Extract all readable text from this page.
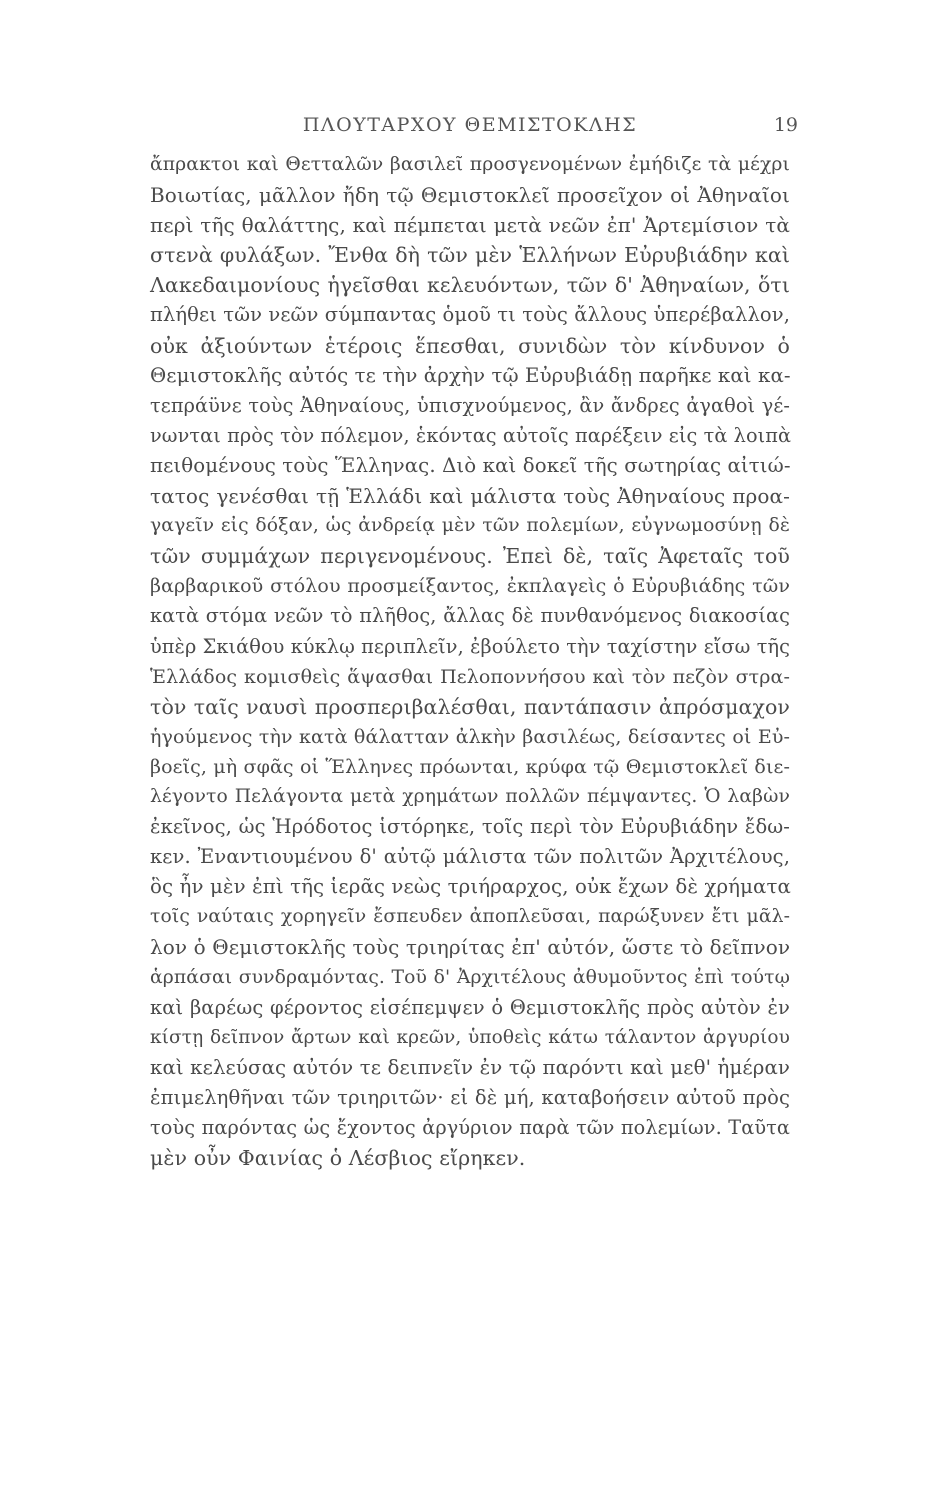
ΠΛΟΥΤΑΡΧΟΥ ΘΕΜΙΣΤΟΚΛΗΣ	19
ἄπρακτοι καὶ Θετταλῶν βασιλεῖ προσγενομένων ἐμήδιζε τὰ μέχρι
Βοιωτίας, μᾶλλον ἤδη τῷ Θεμιστοκλεῖ προσεῖχον οἱ Ἀθηναῖοι
περὶ τῆς θαλάττης, καὶ πέμπεται μετὰ νεῶν ἐπ' Ἀρτεμίσιον τὰ
στενὰ φυλάξων. Ἔνθα δὴ τῶν μὲν Ἑλλήνων Εὐρυβιάδην καὶ
Λακεδαιμονίους ἡγεῖσθαι κελευόντων, τῶν δ' Ἀθηναίων, ὅτι
πλήθει τῶν νεῶν σύμπαντας ὁμοῦ τι τοὺς ἄλλους ὑπερέβαλλον,
οὐκ ἀξιούντων ἑτέροις ἕπεσθαι, συνιδὼν τὸν κίνδυνον ὁ
Θεμιστοκλῆς αὐτός τε τὴν ἀρχὴν τῷ Εὐρυβιάδῃ παρῆκε καὶ κα-
τεπράϋνε τοὺς Ἀθηναίους, ὑπισχνούμενος, ἂν ἄνδρες ἀγαθοὶ γέ-
νωνται πρὸς τὸν πόλεμον, ἑκόντας αὐτοῖς παρέξειν εἰς τὰ λοιπὰ
πειθομένους τοὺς Ἕλληνας. Διὸ καὶ δοκεῖ τῆς σωτηρίας αἰτιώ-
τατος γενέσθαι τῇ Ἑλλάδι καὶ μάλιστα τοὺς Ἀθηναίους προα-
γαγεῖν εἰς δόξαν, ὡς ἀνδρείᾳ μὲν τῶν πολεμίων, εὐγνωμοσύνῃ δὲ
τῶν συμμάχων περιγενομένους. Ἐπεὶ δὲ, ταῖς Ἀφεταῖς τοῦ
βαρβαρικοῦ στόλου προσμείξαντος, ἐκπλαγεὶς ὁ Εὐρυβιάδης τῶν
κατὰ στόμα νεῶν τὸ πλῆθος, ἄλλας δὲ πυνθανόμενος διακοσίας
ὑπὲρ Σκιάθου κύκλῳ περιπλεῖν, ἐβούλετο τὴν ταχίστην εἴσω τῆς
Ἑλλάδος κομισθεὶς ἅψασθαι Πελοποννήσου καὶ τὸν πεζὸν στρα-
τὸν ταῖς ναυσὶ προσπεριβαλέσθαι, παντάπασιν ἀπρόσμαχον
ἡγούμενος τὴν κατὰ θάλατταν ἀλκὴν βασιλέως, δείσαντες οἱ Εὐ-
βοεῖς, μὴ σφᾶς οἱ Ἕλληνες πρόωνται, κρύφα τῷ Θεμιστοκλεῖ διε-
λέγοντο Πελάγοντα μετὰ χρημάτων πολλῶν πέμψαντες. Ὁ λαβὼν
ἐκεῖνος, ὡς Ἡρόδοτος ἱστόρηκε, τοῖς περὶ τὸν Εὐρυβιάδην ἔδω-
κεν. Ἐναντιουμένου δ' αὐτῷ μάλιστα τῶν πολιτῶν Ἀρχιτέλους,
ὃς ἦν μὲν ἐπὶ τῆς ἱερᾶς νεὼς τριήραρχος, οὐκ ἔχων δὲ χρήματα
τοῖς ναύταις χορηγεῖν ἔσπευδεν ἀποπλεῦσαι, παρώξυνεν ἔτι μᾶλ-
λον ὁ Θεμιστοκλῆς τοὺς τριηρίτας ἐπ' αὐτόν, ὥστε τὸ δεῖπνον
ἁρπάσαι συνδραμόντας. Τοῦ δ' Ἀρχιτέλους ἀθυμοῦντος ἐπὶ τούτῳ
καὶ βαρέως φέροντος εἰσέπεμψεν ὁ Θεμιστοκλῆς πρὸς αὐτὸν ἐν
κίστῃ δεῖπνον ἄρτων καὶ κρεῶν, ὑποθεὶς κάτω τάλαντον ἀργυρίου
καὶ κελεύσας αὐτόν τε δειπνεῖν ἐν τῷ παρόντι καὶ μεθ' ἡμέραν
ἐπιμεληθῆναι τῶν τριηριτῶν· εἰ δὲ μή, καταβοήσειν αὐτοῦ πρὸς
τοὺς παρόντας ὡς ἔχοντος ἀργύριον παρὰ τῶν πολεμίων. Ταῦτα
μὲν οὖν Φαινίας ὁ Λέσβιος εἴρηκεν.
